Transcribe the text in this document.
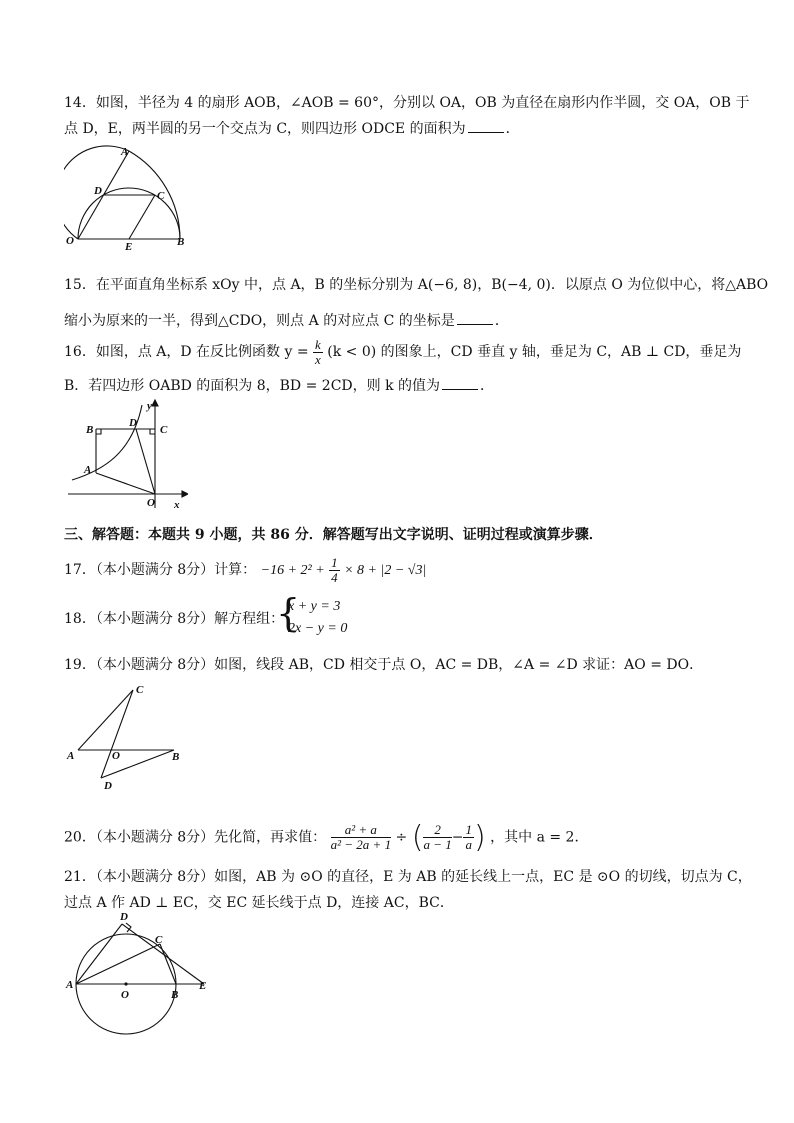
14．如图，半径为 4 的扇形 AOB，∠AOB = 60°，分别以 OA，OB 为直径在扇形内作半圆，交 OA，OB 于
点 D，E，两半圆的另一个交点为 C，则四边形 ODCE 的面积为	．
A
D	C
O	E	B
15．在平面直角坐标系 xOy 中，点 A，B 的坐标分别为 A(−6, 8)，B(−4, 0)．以原点 O 为位似中心，将△ABO
缩小为原来的一半，得到△CDO，则点 A 的对应点 C 的坐标是	．
16．如图，点 A，D 在反比例函数 $y = \frac{k}{x} (k < 0)$ 的图象上，CD 垂直 y 轴，垂足为 C，AB ⊥ CD，垂足为
B．若四边形 OABD 的面积为 8，BD = 2CD，则 k 的值为	．
y
B
D
C
A
O x
三、解答题：本题共 9 小题，共 86 分．解答题写出文字说明、证明过程或演算步骤．
17．（本小题满分 8分）计算： $-16 + 2^2 + \frac{1}{4} \times 8 + |2 - √3|$
18．（本小题满分 8分）解方程组：
{
x + y = 3
2x − y = 0
19．（本小题满分 8分）如图，线段 AB，CD 相交于点 O，AC = DB，∠A = ∠D 求证：AO = DO．
C
A	O	B
D
20．（本小题满分 8分）先化简，再求值： $\frac{\text{a² + a}}{\text{a² − 2a + 1}}$ ÷ ( $\frac{2}{a - 1} - \frac{1}{a}$ ) ，其中 a = 2．
21．（本小题满分 8分）如图，AB 为 ⊙O 的直径，E 为 AB 的延长线上一点，EC 是 ⊙O 的切线，切点为 C，
过点 A 作 AD ⊥ EC，交 EC 延长线于点 D，连接 AC，BC．
D
C
A
O	B
E
